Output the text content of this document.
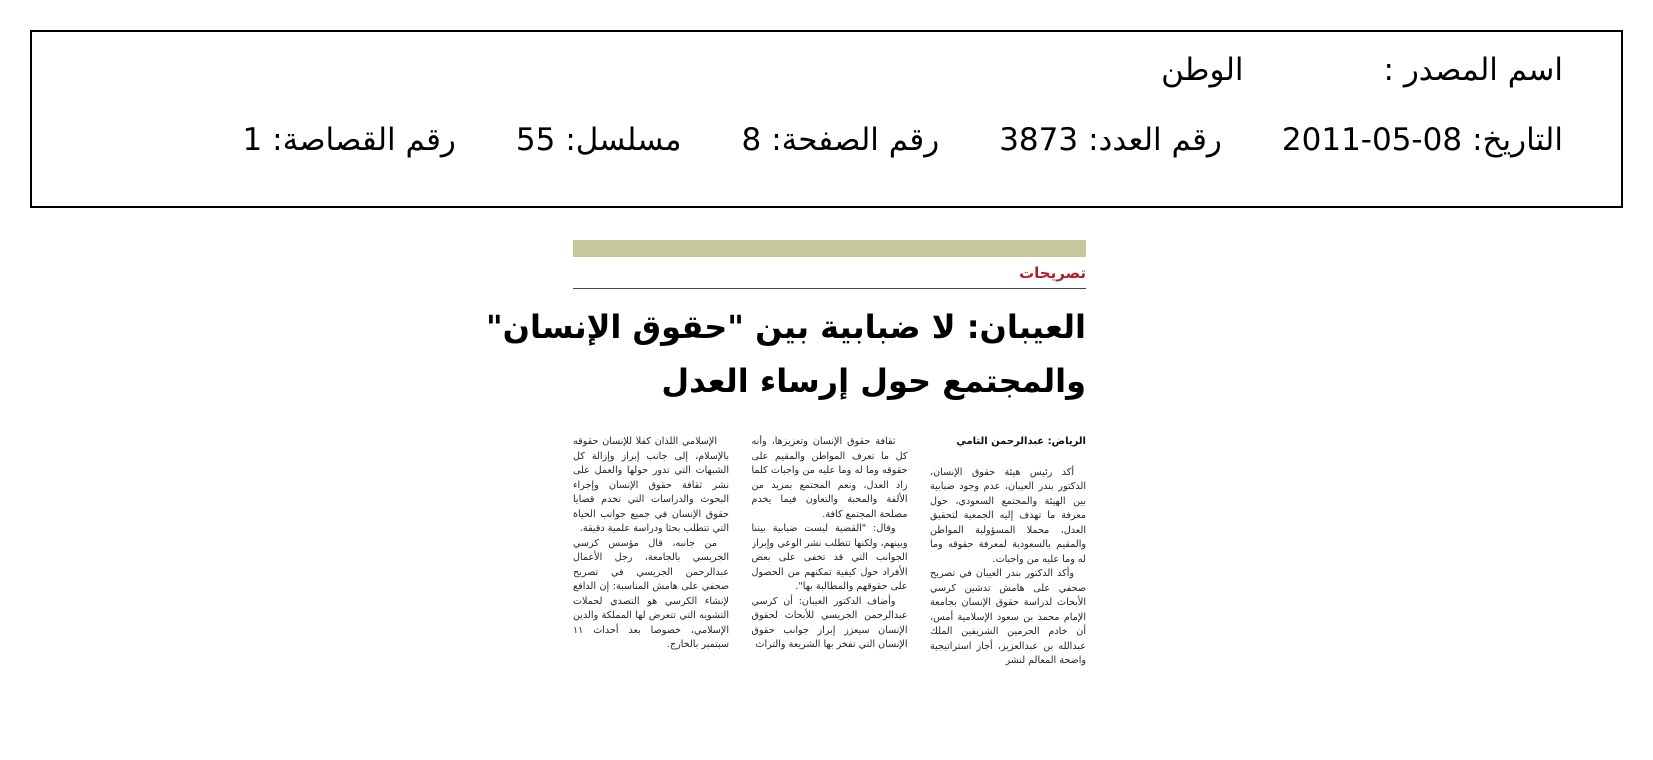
اسم المصدر :
الوطن
التاريخ:
2011-05-08
رقم العدد:
3873
رقم الصفحة:
8
مسلسل:
55
رقم القصاصة:
1
تصريحات
العيبان: لا ضبابية بين "حقوق الإنسان"
والمجتمع حول إرساء العدل
الرياض: عبدالرحمن التامي

أكد رئيس هيئة حقوق الإنسان، الدكتور بندر العيبان، عدم وجود ضبابية بين الهيئة والمجتمع السعودي، حول معرفة ما تهدف إليه الجمعية لتحقيق العدل، محملا المسؤولية المواطن والمقيم بالسعودية لمعرفة حقوقه وما له وما عليه من واجبات.

وأكد الدكتور بندر العيبان في تصريح صحفي على هامش تدشين كرسي الأبحاث لدراسة حقوق الإنسان بجامعة الإمام محمد بن سعود الإسلامية أمس، أن خادم الحرمين الشريفين الملك عبدالله بن عبدالعزيز، أجاز استراتيجية واضحة المعالم لنشر

ثقافة حقوق الإنسان وتعزيزها، وأنه كل ما تعرف المواطن والمقيم على حقوقه وما له وما عليه من واجبات كلما زاد العدل، ونعم المجتمع بمزيد من الألفة والمحبة والتعاون فيما يخدم مصلحة المجتمع كافة.

وقال: "القضية ليست ضبابية بيننا وبينهم، ولكنها تتطلب نشر الوعي وإبراز الجوانب التي قد تخفى على بعض الأفراد حول كيفية تمكنهم من الحصول على حقوقهم والمطالبة بها".

وأضاف الدكتور العيبان: أن كرسي عبدالرحمن الجريسي للأبحاث لحقوق الإنسان سيعزز إبراز جوانب حقوق الإنسان التي تفخر بها الشريعة والتراث

الإسلامي اللذان كفلا للإنسان حقوقه بالإسلام، إلى جانب إبراز وإزالة كل الشبهات التي تدور حولها والعمل على نشر ثقافة حقوق الإنسان وإجراء البحوث والدراسات التي تخدم قضايا حقوق الإنسان في جميع جوانب الحياة التي تتطلب بحثا ودراسة علمية دقيقة.

من جانبه، قال مؤسس كرسي الجريسي بالجامعة، رجل الأعمال عبدالرحمن الجريسي في تصريح صحفي على هامش المناسبة: إن الدافع لإنشاء الكرسي هو التصدي لحملات التشويه التي تتعرض لها المملكة والدين الإسلامي، خصوصا بعد أحداث ١١ سبتمبر بالخارج.
